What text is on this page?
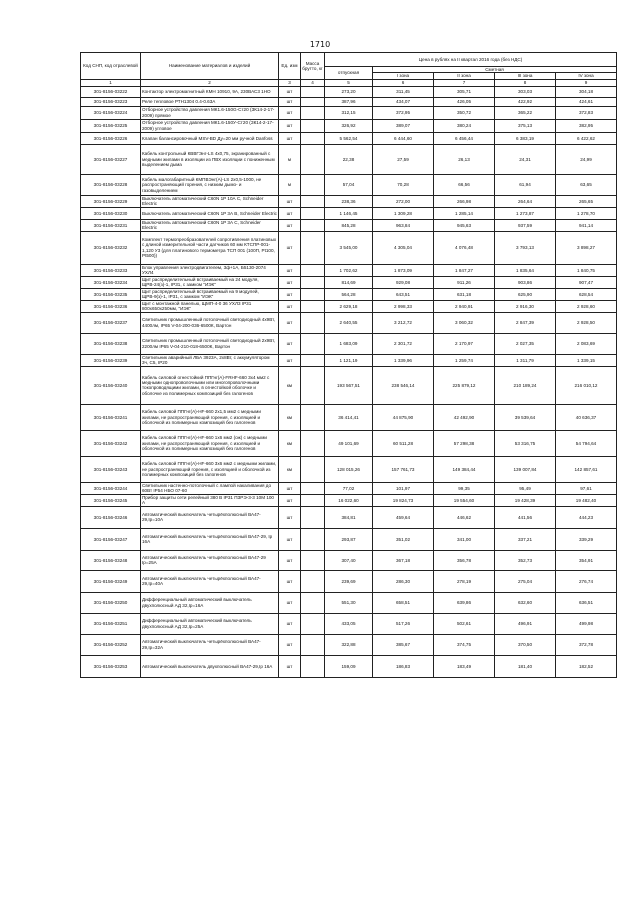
1710
Код СНП, код отраслевой	Наименование материалов и изделий	Ед. изм	Масса брутто, кг	Цена в рублях на II квартал 2016 года (без НДС)				
				отпускная	Сметная			
					I зона	II зона	III зона	IV зона
1	2	3	4	5	6	7	8	9
301-8156-03222	Контактор электромагнитный КМН 10910, 9А, 230ВАС3 1НО	шт		273,20	311,45	305,71	303,03	304,18
301-8156-03223	Реле тепловое РТН1304 0.4-0.63А	шт		387,96	434,07	426,05	422,92	424,61
301-8156-03224	Отборное устройство давления МК1.6-150G-Ст20 (ЗК14-2-17-2009) прямое	шт		312,15	372,95	350,72	365,22	372,83
301-8156-03225	Отборное устройство давления МК1.6-150У-Ст20 (ЗК14-2-17-2009) угловое	шт		326,92	389,07	380,24	375,13	382,95
301-8156-03226	Клапан балансировочный MSV-BD Ду=20 мм ручной Danfoss	шт		5 562,54	6 444,60	6 456,44	6 383,19	6 422,62
301-8156-03227	Кабель контрольный КВВГЭнг-LS 4х0,75, экранированный с медными жилами в изоляции из ПВХ изоляции с пониженным выделением дыма	м		22,38	27,59	26,13	24,31	24,99
301-8156-03228	Кабель малогабаритный КМПВЭнг(А)-LS 2х0,5-1000, не распространяющий горения, с низким дымо- и газовыделением	м		57,04	70,28	66,56	61,94	63,65
301-8156-03229	Выключатель автоматический C60N 1P 10А С, Schneider Electric	шт		238,36	272,00	266,98	264,64	265,65
301-8156-03230	Выключатель автоматический C60N 1P 3А В, Schneider Electric	шт		1 146,45	1 309,28	1 285,14	1 273,87	1 278,70
301-8156-03231	Выключатель автоматический C60N 1P 3А С, Schneider Electric	шт		845,28	963,84	945,63	937,59	941,14
301-8156-03232	Комплект термопреобразователей сопротивления платиновых с длиной измерительной части датчиков 60 мм КТСПР-001-1,120 У3 (для платинового термометра ТСП 001 (100П, Pt100, Pt500))	шт		3 545,00	4 305,04	4 076,48	3 793,13	3 898,27
301-8156-03233	Блок управления электродвигателем, 3ф+1А, Б5130-2074 УХЛ4	шт		1 702,62	1 873,09	1 847,27	1 835,64	1 840,75
301-8156-03234	Щит распределительный встраиваемый на 24 модуля, ЩРВ-24(з)-1, IP31, с замком "ИЭК"	шт		814,69	929,08	911,26	903,86	907,47
301-8156-03235	Щит распределительный встраиваемый на 9 модулей, ЩРВ-9(з)-1, IP31, с замком "ИЭК"	шт		564,28	643,51	631,18	625,90	628,54
301-8156-03236	Щит с монтажной панелью, ЩМП-4-0 36 УХЛ3 IP31 800х650х250мм, "ИЭК"	шт		2 629,18	2 998,33	2 940,91	2 916,30	2 928,60
301-8156-03237	Светильник промышленный потолочный светодиодный 4х9Вт, 4400лм, IP65 V-04-200-036-6500К, Вартон	шт		2 640,55	3 212,72	3 060,32	2 847,39	2 928,50
301-8156-03238	Светильник промышленный потолочный светодиодный 2х9Вт, 2200лм IP65 V-04-210-018-6500К, Вартон	шт		1 683,09	2 301,72	2 170,97	2 027,35	2 083,69
301-8156-03239	Светильник аварийный ЛБА 3923А, 2х8Вт, с аккумулятором 3ч, С5, IP20	шт		1 121,19	1 339,96	1 259,74	1 311,79	1 339,15
301-8156-03240	Кабель силовой огнестойкий ППГнг(А)-FRHF-660 3х4 мм2 с медными однопроволочными или многопроволочными токопроводящими жилами, в огнестойкой оболочке и оболочке из полимерных композиций без галогенов	км		193 567,51	238 546,14	225 879,12	210 189,24	216 010,12
301-8156-03241	Кабель силовой ППГнг(А)-HF-660 2х1,5 мм2 с медными жилами, не распространяющий горения, с изоляцией и оболочкой из полимерных композиций без галогенов	км		36 414,41	44 875,90	42 492,90	39 539,64	40 636,37
301-8156-03242	Кабель силовой ППГнг(А)-HF-660 1х6 мм2 (ож) с медными жилами, не распространяющий горения, с изоляцией и оболочкой из полимерных композиций без галогенов	км		49 101,69	60 511,28	57 298,38	53 316,75	54 794,64
301-8156-03243	Кабель силовой ППГнг(А)-HF-660 3х6 мм2 с медными жилами, не распространяющий горения, с изоляцией и оболочкой из полимерных композиций без галогенов	км		128 015,26	157 761,73	149 384,44	139 007,84	142 857,61
301-8156-03244	Светильник настенно-потолочный с лампой накаливания до 60Вт IP54 НБО 07-60	шт		77,02	101,97	99,35	95,49	97,61
301-8156-03245	Прибор защиты сети релейный 380 В IP31 ПЗРЭ-3-3 10М 100 А	шт		16 022,60	19 824,73	19 554,60	19 428,39	19 482,40
301-8156-03246	Автоматический выключатель четырёхполюсный ВА47-29,Iр=10А	шт		384,81	459,64	446,62	441,56	444,23
301-8156-03247	Автоматический выключатель четырёхполюсный ВА47-29, Iр 16А	шт		293,87	351,02	341,00	337,21	339,29
301-8156-03248	Автоматический выключатель четырёхполюсный ВА47-29 Iр=25А	шт		307,40	367,18	356,78	352,73	354,91
301-8156-03249	Автоматический выключатель четырёхполюсный ВА47-29,Iр=40А	шт		239,69	286,30	278,19	275,04	276,74
301-8156-03250	Дифференциальный автоматический выключатель двухполюсный АД 32,Iр=16А	шт		551,30	658,51	639,86	632,60	636,51
301-8156-03251	Дифференциальный автоматический выключатель двухполюсный АД 32,Iр=25А	шт		433,05	517,26	502,61	496,91	499,98
301-8156-03252	Автоматический выключатель четырёхполюсный ВА47-29,Iр=32А	шт		322,88	385,67	374,75	370,50	372,78
301-8156-03253	Автоматический выключатель двухполюсный ВА47-29,Iр 16А	шт		159,09	186,83	183,49	181,40	182,52
